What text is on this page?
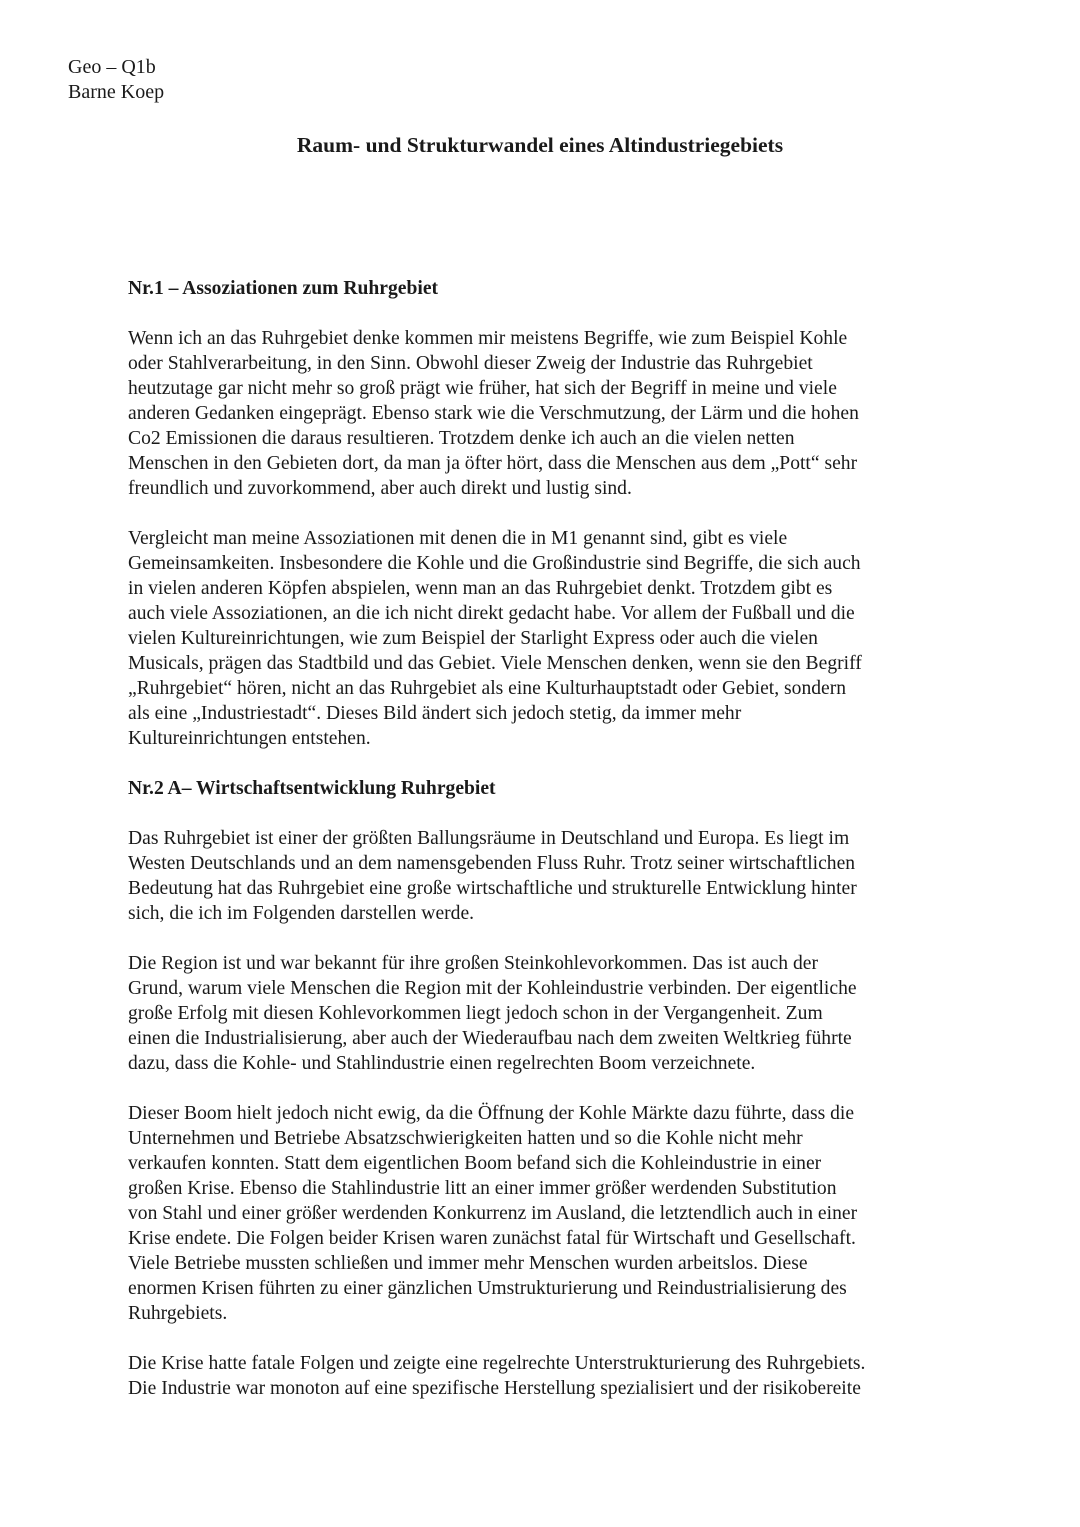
Geo – Q1b
Barne Koep
Raum- und Strukturwandel eines Altindustriegebiets
Nr.1 – Assoziationen zum Ruhrgebiet
Wenn ich an das Ruhrgebiet denke kommen mir meistens Begriffe, wie zum Beispiel Kohle
oder Stahlverarbeitung, in den Sinn. Obwohl dieser Zweig der Industrie das Ruhrgebiet
heutzutage gar nicht mehr so groß prägt wie früher, hat sich der Begriff in meine und viele
anderen Gedanken eingeprägt. Ebenso stark wie die Verschmutzung, der Lärm und die hohen
Co2 Emissionen die daraus resultieren. Trotzdem denke ich auch an die vielen netten
Menschen in den Gebieten dort, da man ja öfter hört, dass die Menschen aus dem „Pott“ sehr
freundlich und zuvorkommend, aber auch direkt und lustig sind.
Vergleicht man meine Assoziationen mit denen die in M1 genannt sind, gibt es viele
Gemeinsamkeiten. Insbesondere die Kohle und die Großindustrie sind Begriffe, die sich auch
in vielen anderen Köpfen abspielen, wenn man an das Ruhrgebiet denkt. Trotzdem gibt es
auch viele Assoziationen, an die ich nicht direkt gedacht habe. Vor allem der Fußball und die
vielen Kultureinrichtungen, wie zum Beispiel der Starlight Express oder auch die vielen
Musicals, prägen das Stadtbild und das Gebiet. Viele Menschen denken, wenn sie den Begriff
„Ruhrgebiet“ hören, nicht an das Ruhrgebiet als eine Kulturhauptstadt oder Gebiet, sondern
als eine „Industriestadt“. Dieses Bild ändert sich jedoch stetig, da immer mehr
Kultureinrichtungen entstehen.
Nr.2 A– Wirtschaftsentwicklung Ruhrgebiet
Das Ruhrgebiet ist einer der größten Ballungsräume in Deutschland und Europa. Es liegt im
Westen Deutschlands und an dem namensgebenden Fluss Ruhr. Trotz seiner wirtschaftlichen
Bedeutung hat das Ruhrgebiet eine große wirtschaftliche und strukturelle Entwicklung hinter
sich, die ich im Folgenden darstellen werde.
Die Region ist und war bekannt für ihre großen Steinkohlevorkommen. Das ist auch der
Grund, warum viele Menschen die Region mit der Kohleindustrie verbinden. Der eigentliche
große Erfolg mit diesen Kohlevorkommen liegt jedoch schon in der Vergangenheit. Zum
einen die Industrialisierung, aber auch der Wiederaufbau nach dem zweiten Weltkrieg führte
dazu, dass die Kohle- und Stahlindustrie einen regelrechten Boom verzeichnete.
Dieser Boom hielt jedoch nicht ewig, da die Öffnung der Kohle Märkte dazu führte, dass die
Unternehmen und Betriebe Absatzschwierigkeiten hatten und so die Kohle nicht mehr
verkaufen konnten. Statt dem eigentlichen Boom befand sich die Kohleindustrie in einer
großen Krise. Ebenso die Stahlindustrie litt an einer immer größer werdenden Substitution
von Stahl und einer größer werdenden Konkurrenz im Ausland, die letztendlich auch in einer
Krise endete. Die Folgen beider Krisen waren zunächst fatal für Wirtschaft und Gesellschaft.
Viele Betriebe mussten schließen und immer mehr Menschen wurden arbeitslos. Diese
enormen Krisen führten zu einer gänzlichen Umstrukturierung und Reindustrialisierung des
Ruhrgebiets.
Die Krise hatte fatale Folgen und zeigte eine regelrechte Unterstrukturierung des Ruhrgebiets.
Die Industrie war monoton auf eine spezifische Herstellung spezialisiert und der risikobereite
